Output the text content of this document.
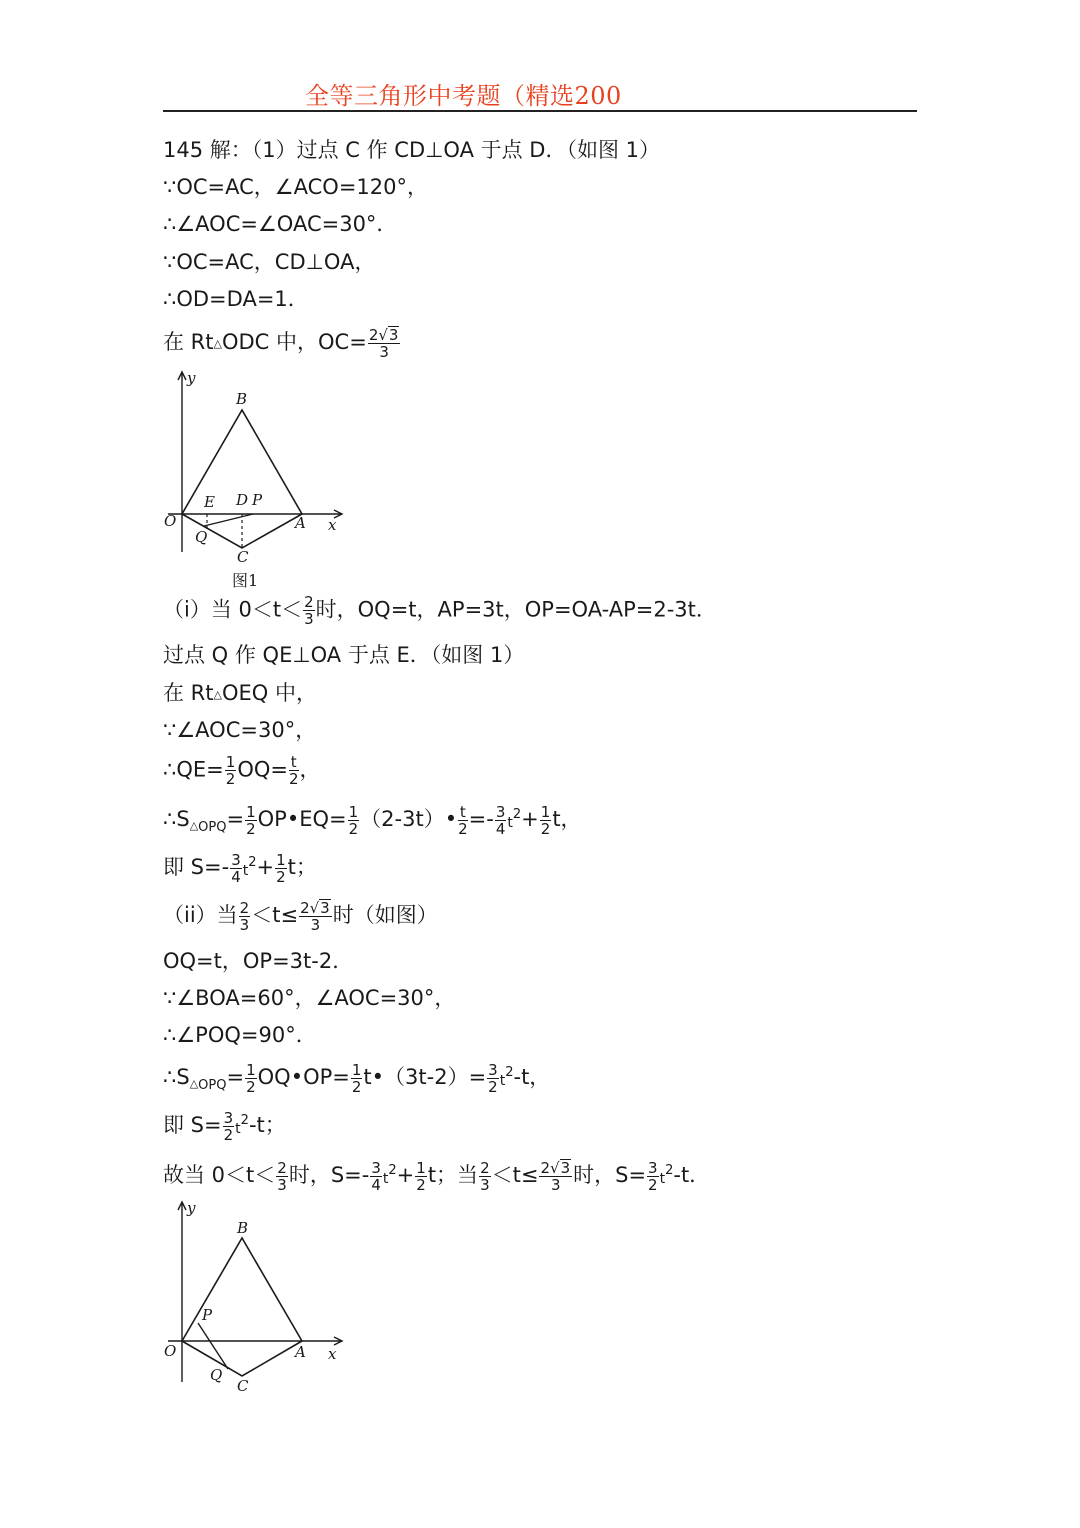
全等三角形中考题（精选200
145 解：（1）过点 C 作 CD⊥OA 于点 D．（如图 1）
∵OC=AC，∠ACO=120°，
∴∠AOC=∠OAC=30°．
∵OC=AC，CD⊥OA，
∴OD=DA=1．
在 Rt△ODC 中，$OC= \frac{2√3}{3}$
y
B
E D P
O	A x
Q
C
图1
（i）当 $0<t< \frac{2}{3}$ 时，OQ=t，AP=3t，OP=OA-AP=2-3t．
过点 Q 作 QE⊥OA 于点 E．（如图 1）
在 Rt△OEQ 中，
∵∠AOC=30°，
∴QE= $\frac{1}{2} OQ= \frac{t}{2}$ ，
$\therefore S_{\triangle OPQ}= \frac{1}{2}$ OP•EQ= $\frac{1}{2}$ （2-3t）• $\frac{t}{2} =- \frac{3}{4} t^2+ \frac{1}{2}$ t，
即 $S=- \frac{3}{4} t^2+ \frac{1}{2}$ t；
（ii）当 $\frac{2}{3} <t\le \frac{2√3}{3}$ 时（如图）
OQ=t，OP=3t-2．
∵∠BOA=60°，∠AOC=30°，
∴∠POQ=90°．
$\therefore S_{\triangle OPQ}= \frac{1}{2}$ OQ•OP= $\frac{1}{2}$ t•（3t-2）= $\frac{3}{2} t^2-t$，
即 $S= \frac{3}{2} t^2-t$；
故当 $0<t< \frac{2}{3}$ 时，$S=- \frac{3}{4} t^2+ \frac{1}{2}$ t；当 $\frac{2}{3} <t\le \frac{2√3}{3}$ 时，$S= \frac{3}{2} t^2-t$．
y
B
P
O	A x
Q
C
